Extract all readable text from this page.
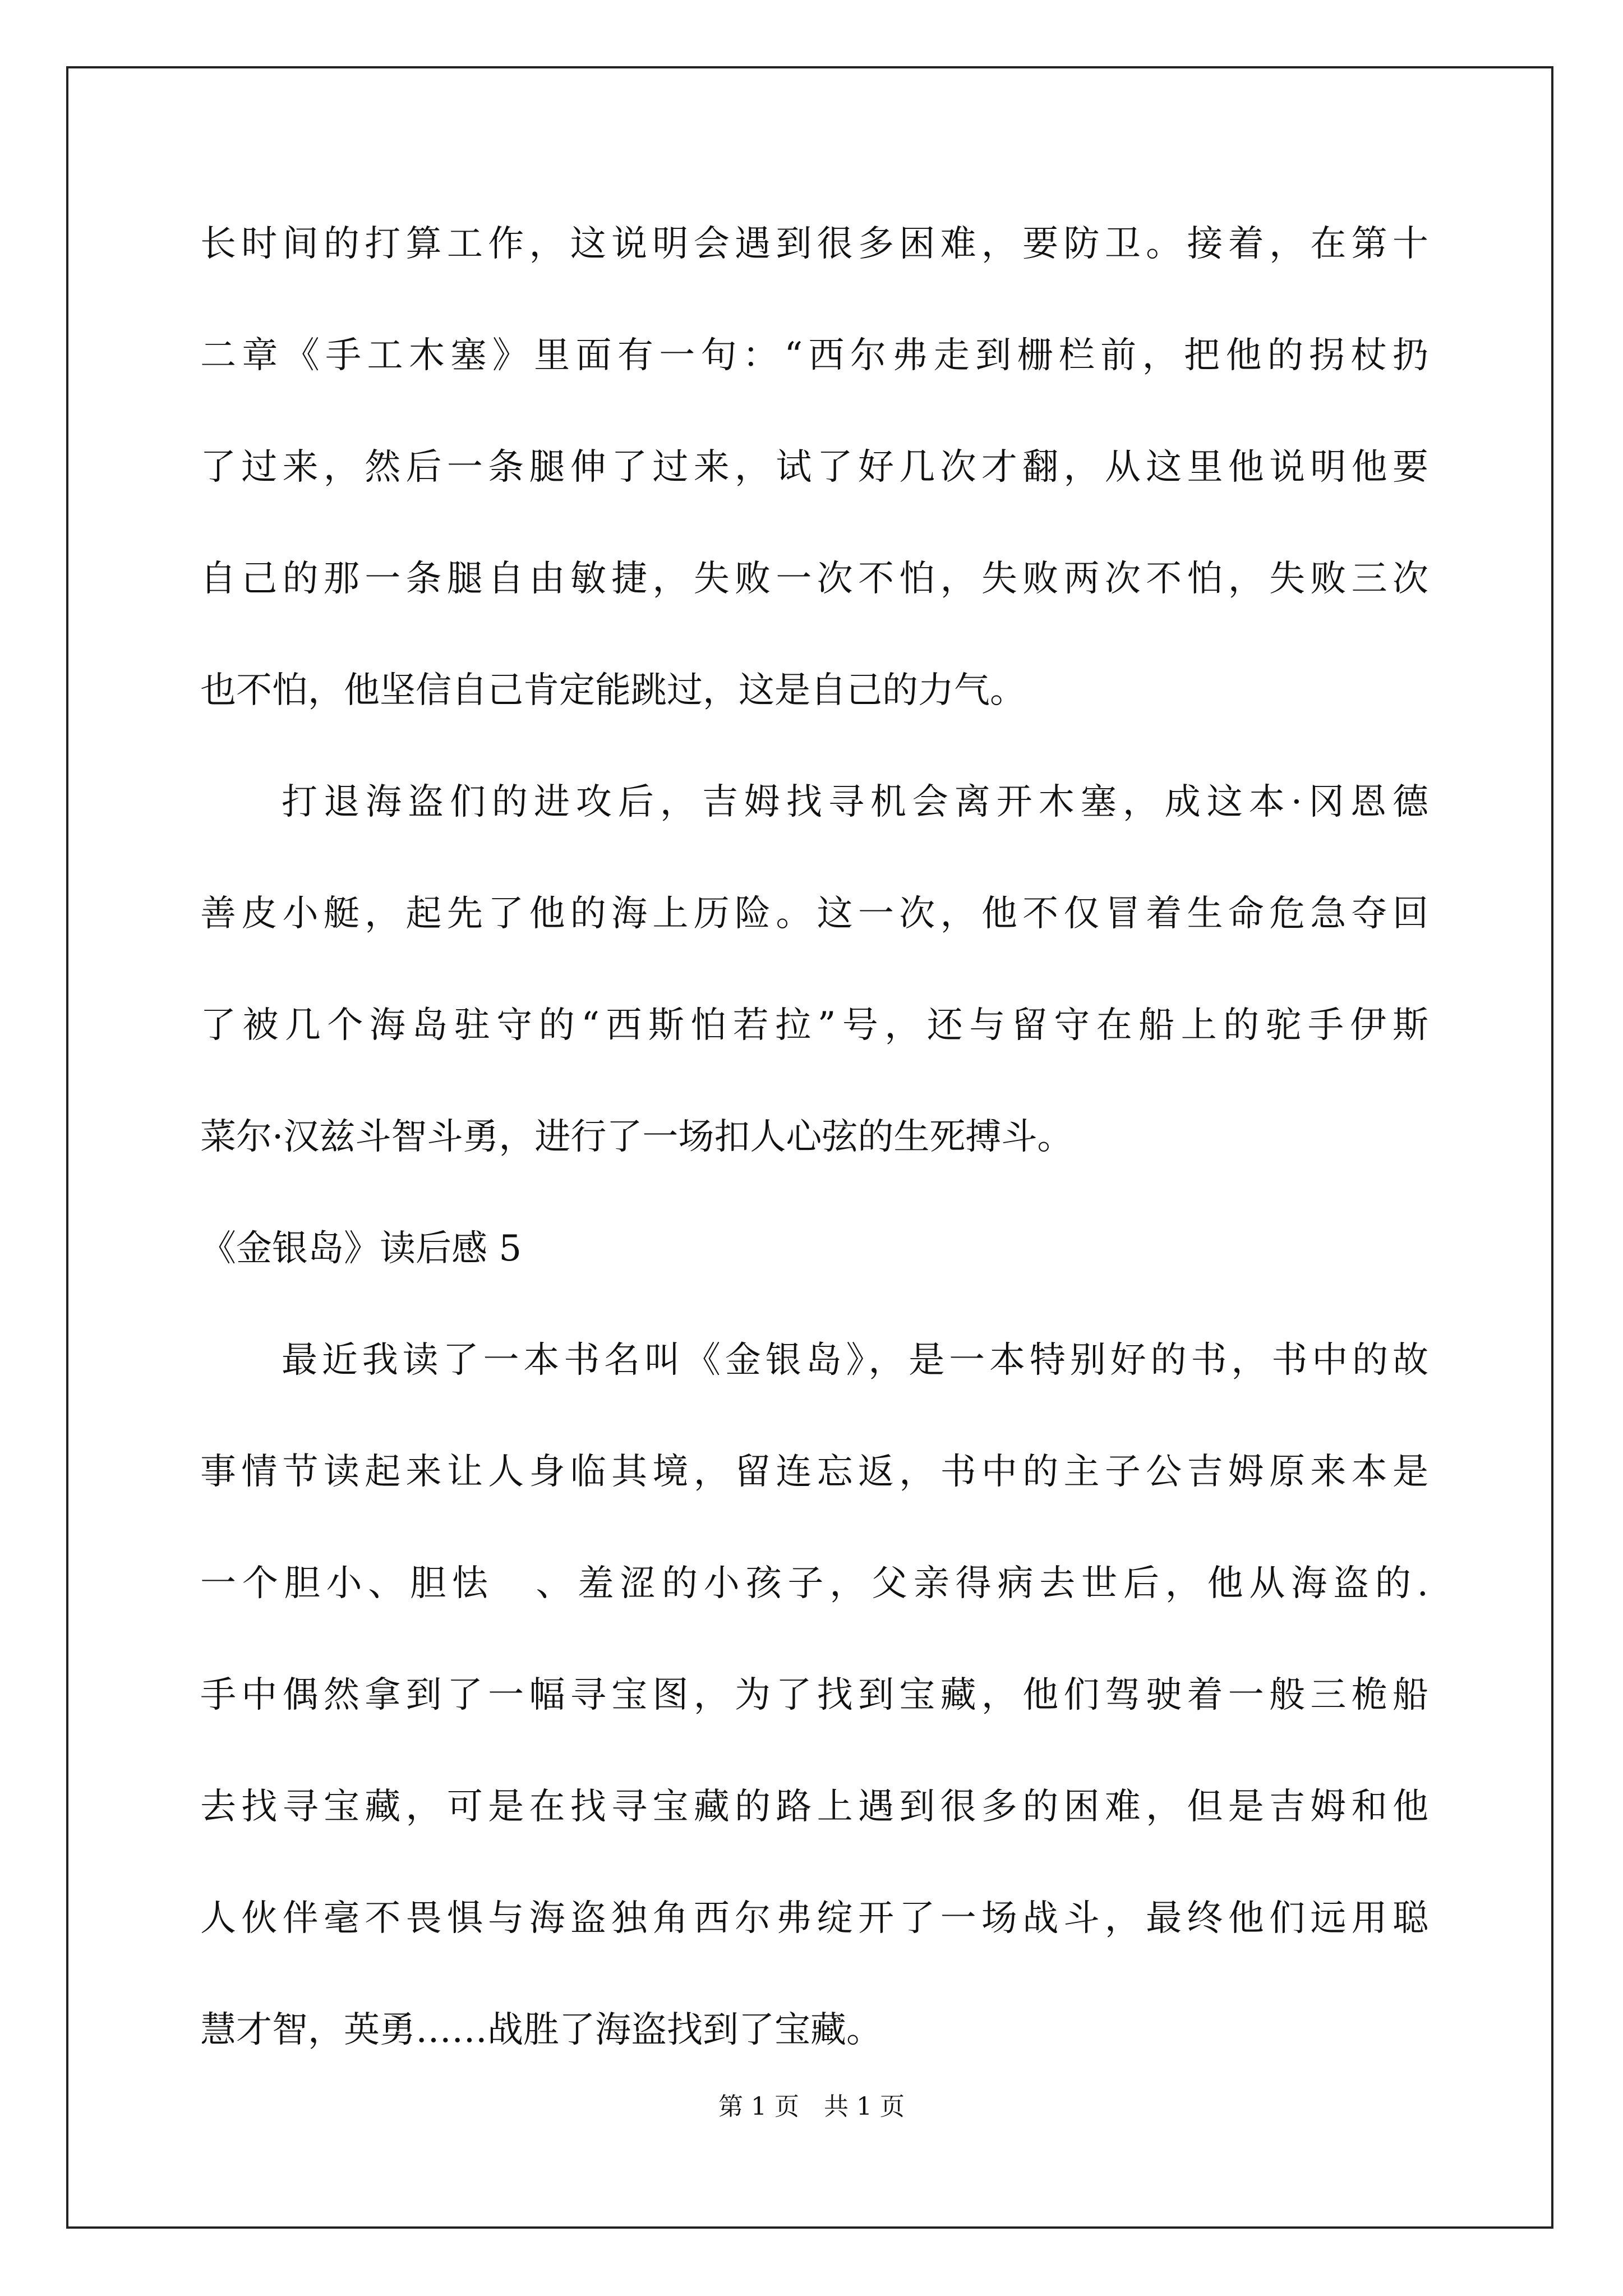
长时间的打算工作，这说明会遇到很多困难，要防卫。接着，在第十
二章《手工木塞》里面有一句：“西尔弗走到栅栏前，把他的拐杖扔
了过来，然后一条腿伸了过来，试了好几次才翻，从这里他说明他要
自己的那一条腿自由敏捷，失败一次不怕，失败两次不怕，失败三次
也不怕，他坚信自己肯定能跳过，这是自己的力气。
打退海盗们的进攻后，吉姆找寻机会离开木塞，成这本·冈恩德
善皮小艇，起先了他的海上历险。这一次，他不仅冒着生命危急夺回
了被几个海岛驻守的“西斯怕若拉”号，还与留守在船上的驼手伊斯
菜尔·汉兹斗智斗勇，进行了一场扣人心弦的生死搏斗。
《金银岛》读后感 5
最近我读了一本书名叫《金银岛》，是一本特别好的书，书中的故
事情节读起来让人身临其境，留连忘返，书中的主子公吉姆原来本是
一个胆小、胆怯　、羞涩的小孩子，父亲得病去世后，他从海盗的.
手中偶然拿到了一幅寻宝图，为了找到宝藏，他们驾驶着一般三桅船
去找寻宝藏，可是在找寻宝藏的路上遇到很多的困难，但是吉姆和他
人伙伴毫不畏惧与海盗独角西尔弗绽开了一场战斗，最终他们远用聪
慧才智，英勇……战胜了海盗找到了宝藏。
第 1 页　共 1 页
